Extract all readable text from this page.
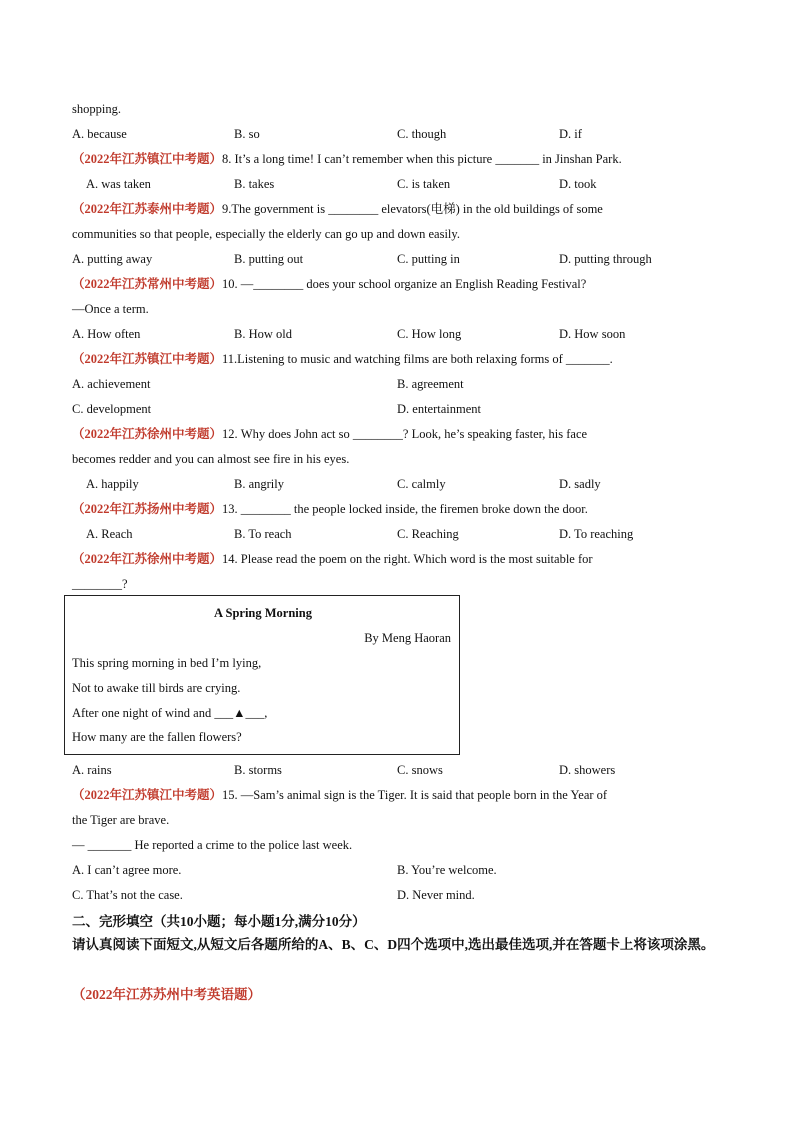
shopping.
A. because	B. so	C. though	D. if
（2022年江苏镇江中考题）8. It’s a long time! I can’t remember when this picture _______ in Jinshan Park.
A. was taken	B. takes	C. is taken	D. took
（2022年江苏泰州中考题）9.The government is ________ elevators(电梯) in the old buildings of some
communities so that people, especially the elderly can go up and down easily.
A. putting away	B. putting out	C. putting in	D. putting through
（2022年江苏常州中考题）10. —________ does your school organize an English Reading Festival?
—Once a term.
A. How often	B. How old	C. How long	D. How soon
（2022年江苏镇江中考题）11.Listening to music and watching films are both relaxing forms of _______.
A. achievement	B. agreement
C. development	D. entertainment
（2022年江苏徐州中考题）12. Why does John act so ________? Look, he’s speaking faster, his face
becomes redder and you can almost see fire in his eyes.
A. happily	B. angrily	C. calmly	D. sadly
（2022年江苏扬州中考题）13. ________ the people locked inside, the firemen broke down the door.
A. Reach	B. To reach	C. Reaching	D. To reaching
（2022年江苏徐州中考题）14. Please read the poem on the right. Which word is the most suitable for
________?
A Spring Morning
By Meng Haoran
This spring morning in bed I’m lying,
Not to awake till birds are crying.
After one night of wind and ___▲___,
How many are the fallen flowers?
A. rains	B. storms	C. snows	D. showers
（2022年江苏镇江中考题）15. —Sam’s animal sign is the Tiger. It is said that people born in the Year of
the Tiger are brave.
— _______ He reported a crime to the police last week.
A. I can’t agree more.	B. You’re welcome.
C. That’s not the case.	D. Never mind.
二、完形填空（共10小题；每小题1分,满分10分）
请认真阅读下面短文,从短文后各题所给的A、B、C、D四个选项中,选出最佳选项,并在答题卡上将该项涂黑。
（2022年江苏苏州中考英语题）
